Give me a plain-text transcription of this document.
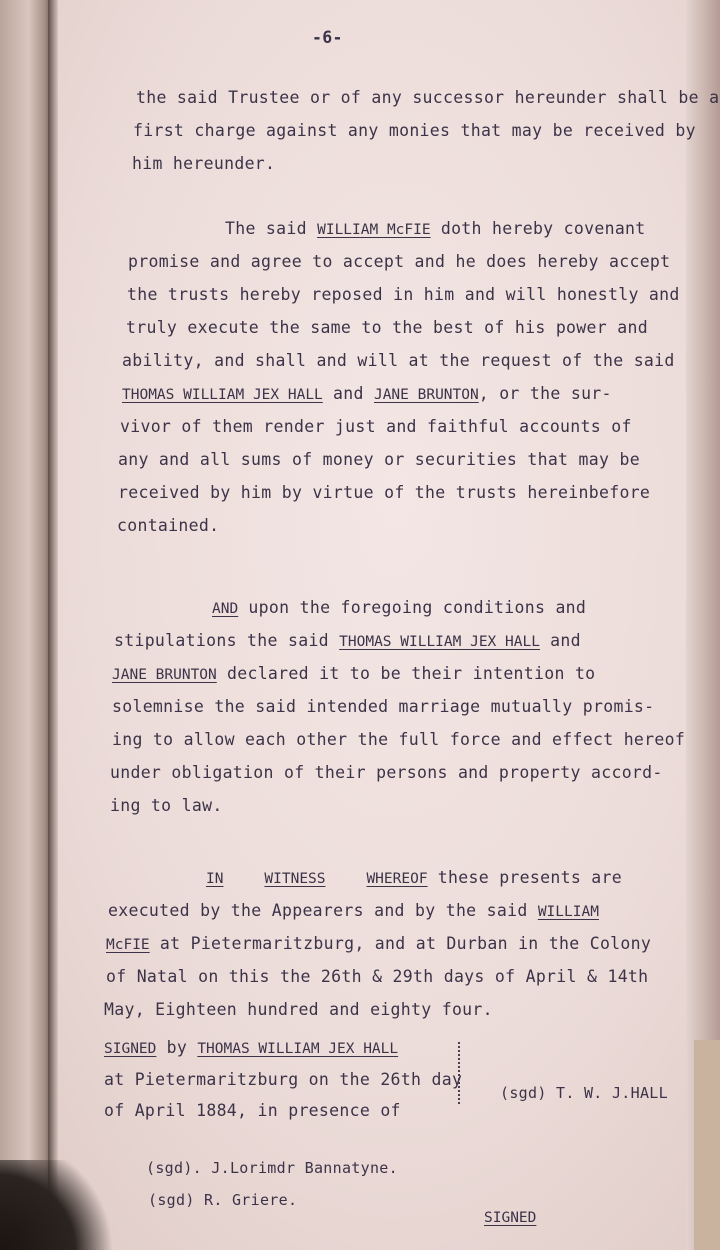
-6-
the said Trustee or of any successor hereunder shall be a
first charge against any monies that may be received by
him hereunder.
The said WILLIAM McFIE doth hereby covenant
promise and agree to accept and he does hereby accept
the trusts hereby reposed in him and will honestly and
truly execute the same to the best of his power and
ability, and shall and will at the request of the said
THOMAS WILLIAM JEX HALL and JANE BRUNTON, or the sur-
vivor of them render just and faithful accounts of
any and all sums of money or securities that may be
received by him by virtue of the trusts hereinbefore
contained.
AND upon the foregoing conditions and
stipulations the said THOMAS WILLIAM JEX HALL and
JANE BRUNTON declared it to be their intention to
solemnise the said intended marriage mutually promis-
ing to allow each other the full force and effect hereof
under obligation of their persons and property accord-
ing to law.
IN	WITNESS	WHEREOF these presents are
executed by the Appearers and by the said WILLIAM
McFIE at Pietermaritzburg, and at Durban in the Colony
of Natal on this the 26th & 29th days of April & 14th
May, Eighteen hundred and eighty four.
SIGNED by THOMAS WILLIAM JEX HALL
at Pietermaritzburg on the 26th day
of April 1884, in presence of
(sgd) T. W. J.HALL
(sgd). J.Lorimdr Bannatyne.
(sgd) R. Griere.
SIGNED
